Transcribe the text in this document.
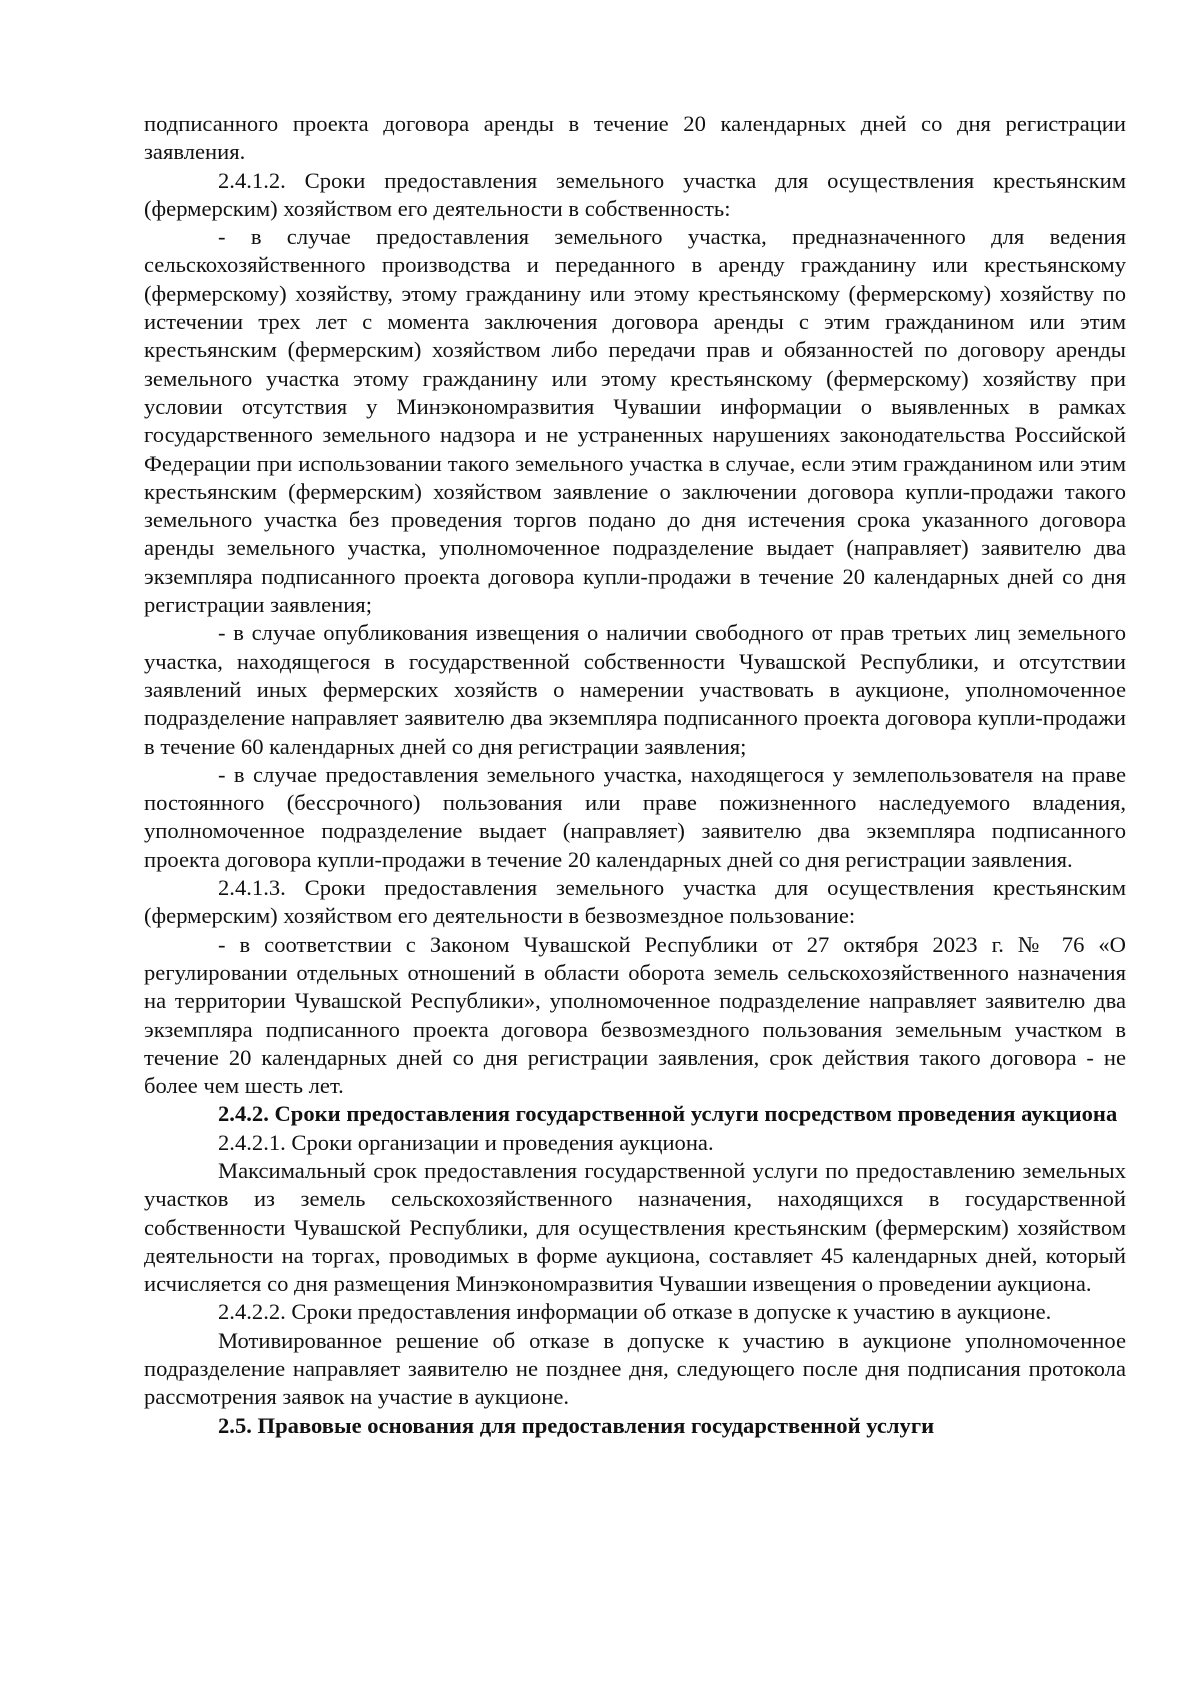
подписанного проекта договора аренды в течение 20 календарных дней со дня регистрации заявления.

2.4.1.2. Сроки предоставления земельного участка для осуществления крестьянским (фермерским) хозяйством его деятельности в собственность:

- в случае предоставления земельного участка, предназначенного для ведения сельскохозяйственного производства и переданного в аренду гражданину или крестьянскому (фермерскому) хозяйству, этому гражданину или этому крестьянскому (фермерскому) хозяйству по истечении трех лет с момента заключения договора аренды с этим гражданином или этим крестьянским (фермерским) хозяйством либо передачи прав и обязанностей по договору аренды земельного участка этому гражданину или этому крестьянскому (фермерскому) хозяйству при условии отсутствия у Минэкономразвития Чувашии информации о выявленных в рамках государственного земельного надзора и не устраненных нарушениях законодательства Российской Федерации при использовании такого земельного участка в случае, если этим гражданином или этим крестьянским (фермерским) хозяйством заявление о заключении договора купли-продажи такого земельного участка без проведения торгов подано до дня истечения срока указанного договора аренды земельного участка, уполномоченное подразделение выдает (направляет) заявителю два экземпляра подписанного проекта договора купли-продажи в течение 20 календарных дней со дня регистрации заявления;

- в случае опубликования извещения о наличии свободного от прав третьих лиц земельного участка, находящегося в государственной собственности Чувашской Республики, и отсутствии заявлений иных фермерских хозяйств о намерении участвовать в аукционе, уполномоченное подразделение направляет заявителю два экземпляра подписанного проекта договора купли-продажи в течение 60 календарных дней со дня регистрации заявления;

- в случае предоставления земельного участка, находящегося у землепользователя на праве постоянного (бессрочного) пользования или праве пожизненного наследуемого владения, уполномоченное подразделение выдает (направляет) заявителю два экземпляра подписанного проекта договора купли-продажи в течение 20 календарных дней со дня регистрации заявления.

2.4.1.3. Сроки предоставления земельного участка для осуществления крестьянским (фермерским) хозяйством его деятельности в безвозмездное пользование:

- в соответствии с Законом Чувашской Республики от 27 октября 2023 г. № 76 «О регулировании отдельных отношений в области оборота земель сельскохозяйственного назначения на территории Чувашской Республики», уполномоченное подразделение направляет заявителю два экземпляра подписанного проекта договора безвозмездного пользования земельным участком в течение 20 календарных дней со дня регистрации заявления, срок действия такого договора - не более чем шесть лет.

2.4.2. Сроки предоставления государственной услуги посредством проведения аукциона

2.4.2.1. Сроки организации и проведения аукциона.

Максимальный срок предоставления государственной услуги по предоставлению земельных участков из земель сельскохозяйственного назначения, находящихся в государственной собственности Чувашской Республики, для осуществления крестьянским (фермерским) хозяйством деятельности на торгах, проводимых в форме аукциона, составляет 45 календарных дней, который исчисляется со дня размещения Минэкономразвития Чувашии извещения о проведении аукциона.

2.4.2.2. Сроки предоставления информации об отказе в допуске к участию в аукционе.

Мотивированное решение об отказе в допуске к участию в аукционе уполномоченное подразделение направляет заявителю не позднее дня, следующего после дня подписания протокола рассмотрения заявок на участие в аукционе.

2.5. Правовые основания для предоставления государственной услуги
